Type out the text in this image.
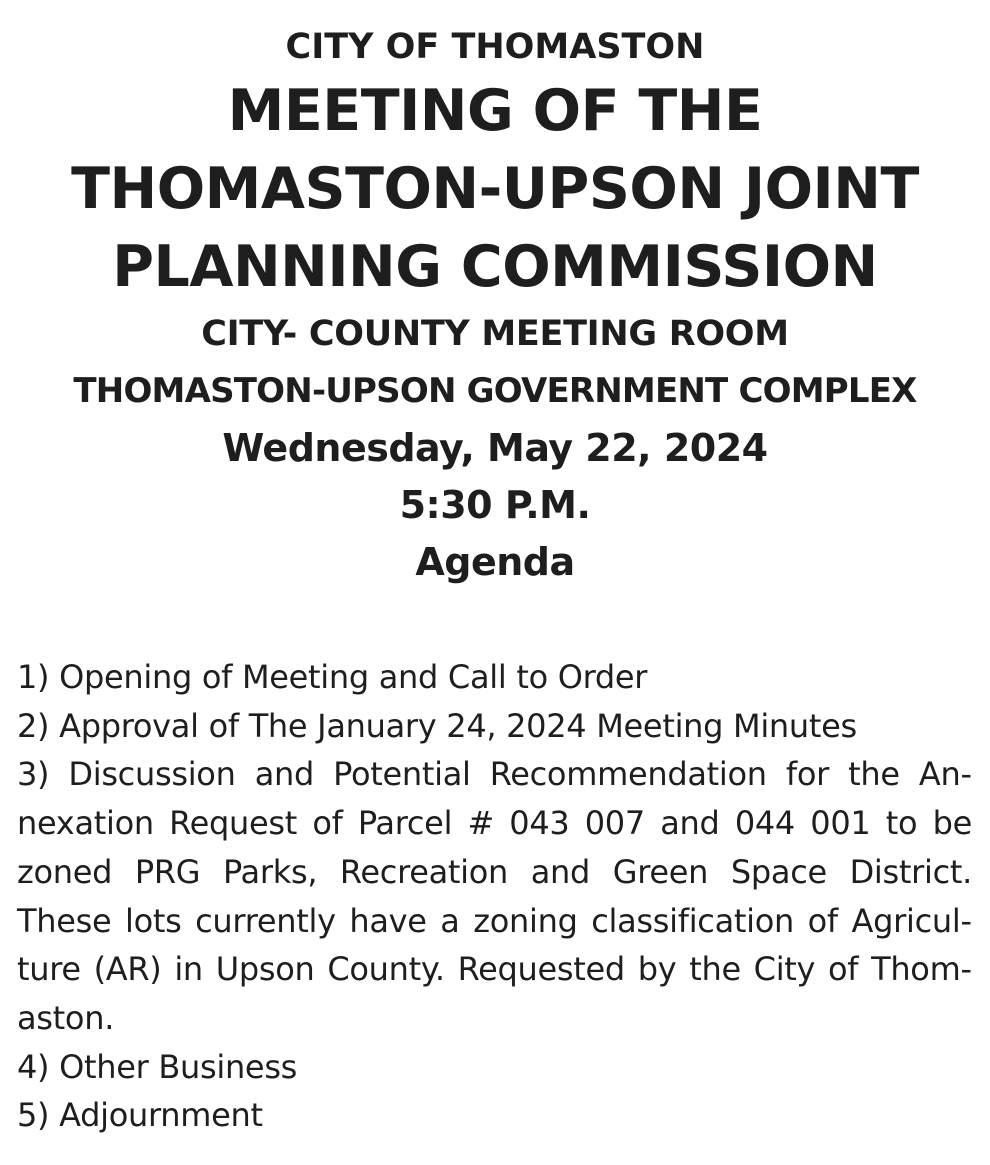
CITY OF THOMASTON
MEETING OF THE
THOMASTON-UPSON JOINT
PLANNING COMMISSION
CITY- COUNTY MEETING ROOM
THOMASTON-UPSON GOVERNMENT COMPLEX
Wednesday, May 22, 2024
5:30 P.M.
Agenda
1) Opening of Meeting and Call to Order
2) Approval of The January 24, 2024 Meeting Minutes
3) Discussion and Potential Recommendation for the Annexation Request of Parcel # 043 007 and 044 001 to be zoned PRG Parks, Recreation and Green Space District. These lots currently have a zoning classification of Agriculture (AR) in Upson County. Requested by the City of Thomaston.
4) Other Business
5) Adjournment
